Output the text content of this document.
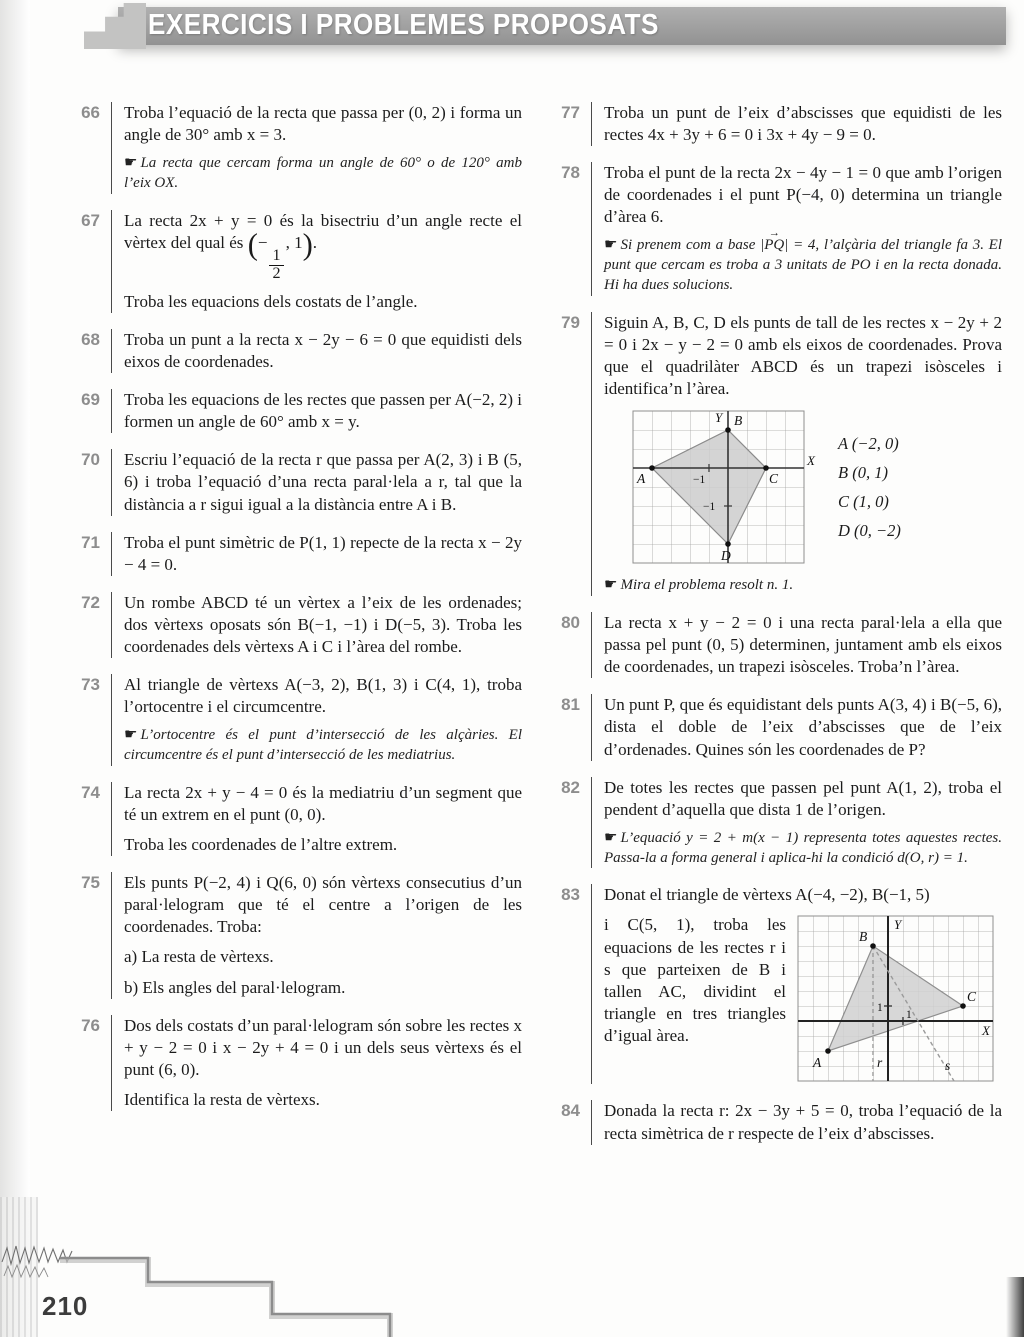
EXERCICIS I PROBLEMES PROPOSATS
66	Troba l’equació de la recta que passa per (0, 2) i forma un angle de 30° amb x = 3.

☛ La recta que cercam forma un angle de 60° o de 120° amb l’eix OX.

67	La recta 2x + y = 0 és la bisectriu d’un angle recte el vèrtex del qual és (−
$\frac{1}{2}$
, 1).

Troba les equacions dels costats de l’angle.

68	Troba un punt a la recta x − 2y − 6 = 0 que equidisti dels eixos de coordenades.

69	Troba les equacions de les rectes que passen per A(−2, 2) i formen un angle de 60° amb x = y.

70	Escriu l’equació de la recta r que passa per A(2, 3) i B (5, 6) i troba l’equació d’una recta paral·lela a r, tal que la distància a r sigui igual a la distància entre A i B.

71	Troba el punt simètric de P(1, 1) repecte de la recta x − 2y − 4 = 0.

72	Un rombe ABCD té un vèrtex a l’eix de les ordenades; dos vèrtexs oposats són B(−1, −1) i D(−5, 3). Troba les coordenades dels vèrtexs A i C i l’àrea del rombe.

73	Al triangle de vèrtexs A(−3, 2), B(1, 3) i C(4, 1), troba l’ortocentre i el circumcentre.

☛ L’ortocentre és el punt d’intersecció de les alçàries. El circumcentre és el punt d’intersecció de les mediatrius.

74	La recta 2x + y − 4 = 0 és la mediatriu d’un segment que té un extrem en el punt (0, 0).

Troba les coordenades de l’altre extrem.

75	Els punts P(−2, 4) i Q(6, 0) són vèrtexs consecutius d’un paral·lelogram que té el centre a l’origen de les coordenades. Troba:

a) La resta de vèrtexs.

b) Els angles del paral·lelogram.

76	Dos dels costats d’un paral·lelogram són sobre les rectes x + y − 2 = 0 i x − 2y + 4 = 0 i un dels seus vèrtexs és el punt (6, 0).

Identifica la resta de vèrtexs.

77	Troba un punt de l’eix d’abscisses que equidisti de les rectes 4x + 3y + 6 = 0 i 3x + 4y − 9 = 0.

78	Troba el punt de la recta 2x − 4y − 1 = 0 que amb l’origen de coordenades i el punt P(−4, 0) determina un triangle d’àrea 6.

☛ Si prenem com a base |→ PQ| = 4, l’alçària del triangle fa 3. El punt que cercam es troba a 3 unitats de PO i en la recta donada. Hi ha dues solucions.

79	Siguin A, B, C, D els punts de tall de les rectes x − 2y + 2 = 0 i 2x − y − 2 = 0 amb els eixos de coordenades. Prova que el quadrilàter ABCD és un trapezi isòsceles i identifica’n l’àrea.

Y
X
A
B
C
D
−1
−1
A (−2, 0)
B (0, 1)
C (1, 0)
D (0, −2)

☛ Mira el problema resolt n. 1.

80	La recta x + y − 2 = 0 i una recta paral·lela a ella que passa pel punt (0, 5) determinen, juntament amb els eixos de coordenades, un trapezi isòsceles. Troba’n l’àrea.

81	Un punt P, que és equidistant dels punts A(3, 4) i B(−5, 6), dista el doble de l’eix d’abscisses que de l’eix d’ordenades. Quines són les coordenades de P?

82	De totes les rectes que passen pel punt A(1, 2), troba el pendent d’aquella que dista 1 de l’origen.

☛ L’equació y = 2 + m(x − 1) representa totes aquestes rectes. Passa-la a forma general i aplica-hi la condició d(O, r) = 1.

83	Donat el triangle de vèrtexs A(−4, −2), B(−1, 5)

i C(5, 1), troba les equacions de les rectes r i s que parteixen de B i tallen AC, dividint el triangle en tres triangles d’igual àrea.

B
Y
C
X
A
1
1
r	s
84	Donada la recta r: 2x − 3y + 5 = 0, troba l’equació de la recta simètrica de r respecte de l’eix d’abscisses.

210
